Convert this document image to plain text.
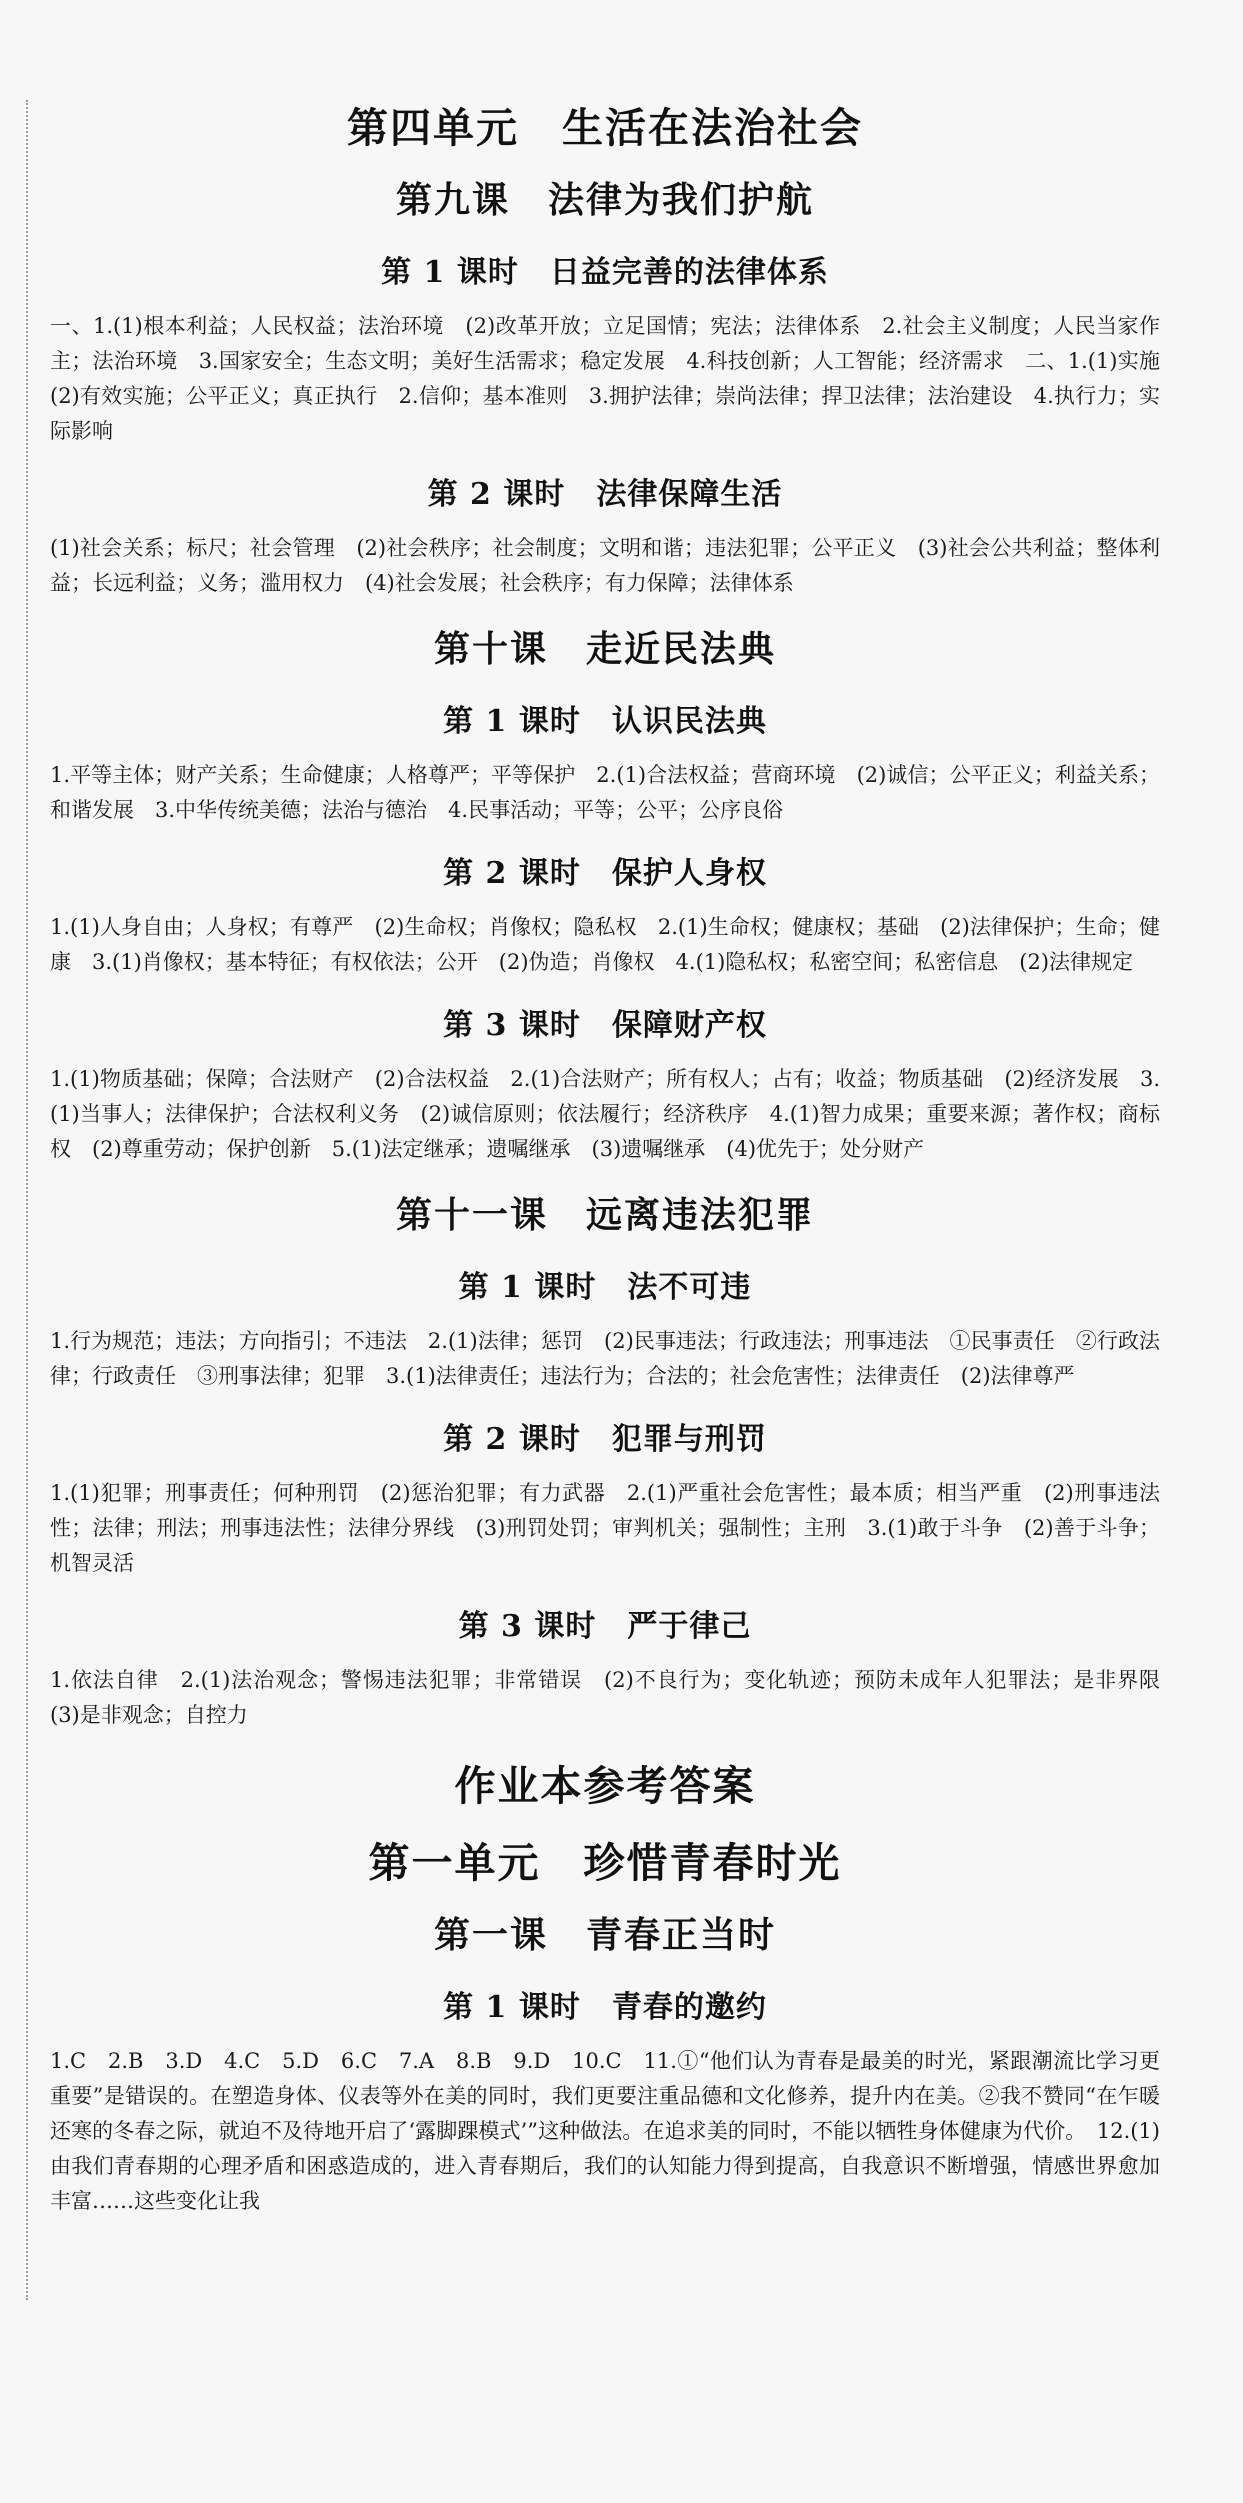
第四单元　生活在法治社会
第九课　法律为我们护航
第 1 课时　日益完善的法律体系

一、1.(1)根本利益；人民权益；法治环境　(2)改革开放；立足国情；宪法；法律体系　2.社会主义制度；人民当家作主；法治环境　3.国家安全；生态文明；美好生活需求；稳定发展　4.科技创新；人工智能；经济需求　二、1.(1)实施　(2)有效实施；公平正义；真正执行　2.信仰；基本准则　3.拥护法律；崇尚法律；捍卫法律；法治建设　4.执行力；实际影响

第 2 课时　法律保障生活

(1)社会关系；标尺；社会管理　(2)社会秩序；社会制度；文明和谐；违法犯罪；公平正义　(3)社会公共利益；整体利益；长远利益；义务；滥用权力　(4)社会发展；社会秩序；有力保障；法律体系

第十课　走近民法典
第 1 课时　认识民法典

1.平等主体；财产关系；生命健康；人格尊严；平等保护　2.(1)合法权益；营商环境　(2)诚信；公平正义；利益关系；和谐发展　3.中华传统美德；法治与德治　4.民事活动；平等；公平；公序良俗

第 2 课时　保护人身权

1.(1)人身自由；人身权；有尊严　(2)生命权；肖像权；隐私权　2.(1)生命权；健康权；基础　(2)法律保护；生命；健康　3.(1)肖像权；基本特征；有权依法；公开　(2)伪造；肖像权　4.(1)隐私权；私密空间；私密信息　(2)法律规定

第 3 课时　保障财产权

1.(1)物质基础；保障；合法财产　(2)合法权益　2.(1)合法财产；所有权人；占有；收益；物质基础　(2)经济发展　3.(1)当事人；法律保护；合法权利义务　(2)诚信原则；依法履行；经济秩序　4.(1)智力成果；重要来源；著作权；商标权　(2)尊重劳动；保护创新　5.(1)法定继承；遗嘱继承　(3)遗嘱继承　(4)优先于；处分财产

第十一课　远离违法犯罪
第 1 课时　法不可违

1.行为规范；违法；方向指引；不违法　2.(1)法律；惩罚　(2)民事违法；行政违法；刑事违法　①民事责任　②行政法律；行政责任　③刑事法律；犯罪　3.(1)法律责任；违法行为；合法的；社会危害性；法律责任　(2)法律尊严

第 2 课时　犯罪与刑罚

1.(1)犯罪；刑事责任；何种刑罚　(2)惩治犯罪；有力武器　2.(1)严重社会危害性；最本质；相当严重　(2)刑事违法性；法律；刑法；刑事违法性；法律分界线　(3)刑罚处罚；审判机关；强制性；主刑　3.(1)敢于斗争　(2)善于斗争；机智灵活

第 3 课时　严于律己

1.依法自律　2.(1)法治观念；警惕违法犯罪；非常错误　(2)不良行为；变化轨迹；预防未成年人犯罪法；是非界限　(3)是非观念；自控力

作业本参考答案
第一单元　珍惜青春时光
第一课　青春正当时
第 1 课时　青春的邀约

1.C　2.B　3.D　4.C　5.D　6.C　7.A　8.B　9.D　10.C　11.①“他们认为青春是最美的时光，紧跟潮流比学习更重要”是错误的。在塑造身体、仪表等外在美的同时，我们更要注重品德和文化修养，提升内在美。②我不赞同“在乍暖还寒的冬春之际，就迫不及待地开启了‘露脚踝模式’”这种做法。在追求美的同时，不能以牺牲身体健康为代价。　12.(1)由我们青春期的心理矛盾和困惑造成的，进入青春期后，我们的认知能力得到提高，自我意识不断增强，情感世界愈加丰富……这些变化让我
